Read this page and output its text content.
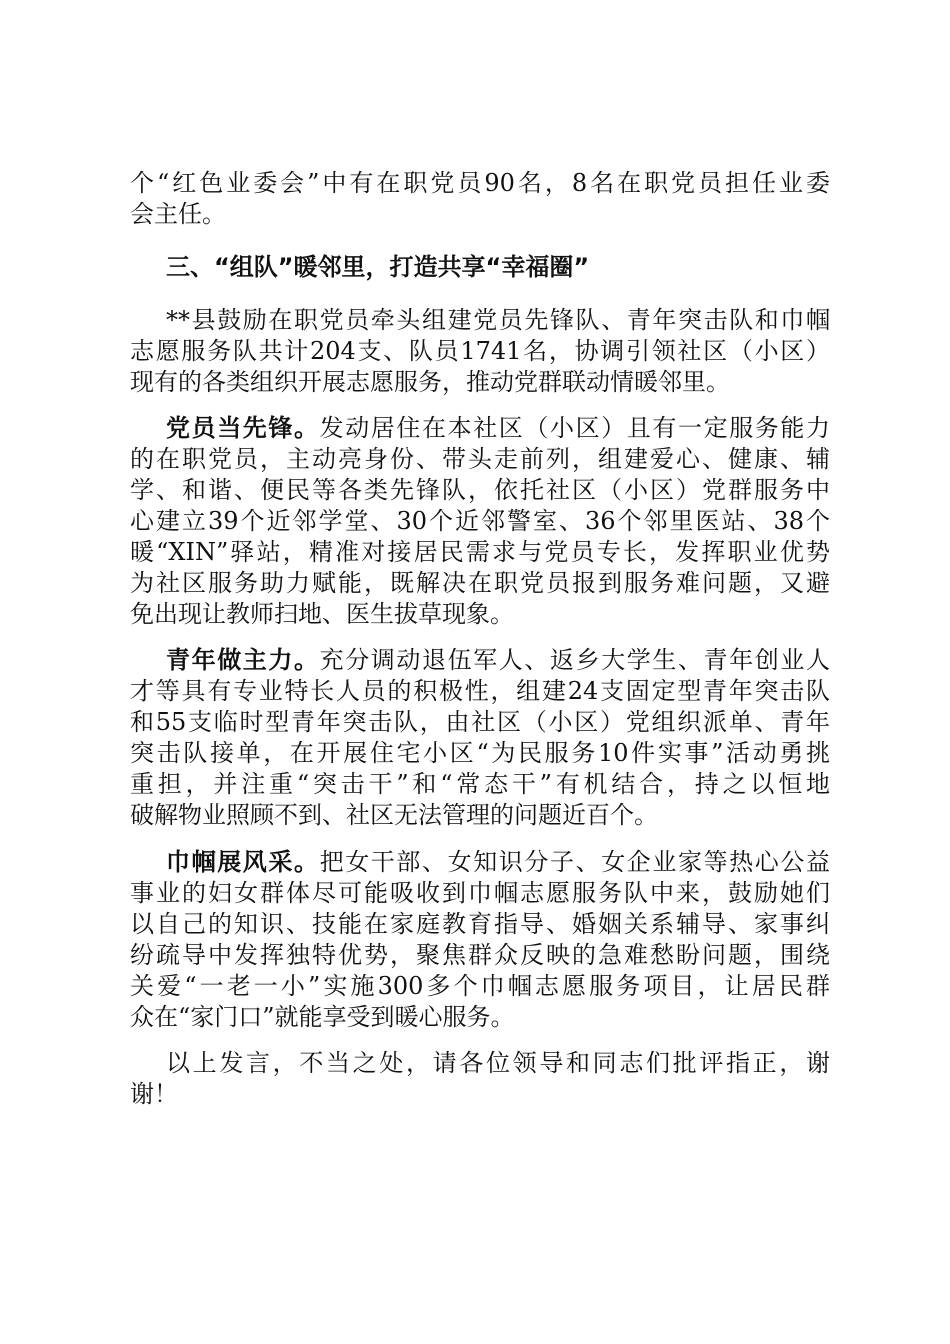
个“红色业委会”中有在职党员90名，8名在职党员担任业委
会主任。
三、“组队”暖邻里，打造共享“幸福圈”
**县鼓励在职党员牵头组建党员先锋队、青年突击队和巾帼
志愿服务队共计204支、队员1741名，协调引领社区（小区）
现有的各类组织开展志愿服务，推动党群联动情暖邻里。
党员当先锋。发动居住在本社区（小区）且有一定服务能力
的在职党员，主动亮身份、带头走前列，组建爱心、健康、辅
学、和谐、便民等各类先锋队，依托社区（小区）党群服务中
心建立39个近邻学堂、30个近邻警室、36个邻里医站、38个
暖“XIN”驿站，精准对接居民需求与党员专长，发挥职业优势
为社区服务助力赋能，既解决在职党员报到服务难问题，又避
免出现让教师扫地、医生拔草现象。
青年做主力。充分调动退伍军人、返乡大学生、青年创业人
才等具有专业特长人员的积极性，组建24支固定型青年突击队
和55支临时型青年突击队，由社区（小区）党组织派单、青年
突击队接单，在开展住宅小区“为民服务10件实事”活动勇挑
重担，并注重“突击干”和“常态干”有机结合，持之以恒地
破解物业照顾不到、社区无法管理的问题近百个。
巾帼展风采。把女干部、女知识分子、女企业家等热心公益
事业的妇女群体尽可能吸收到巾帼志愿服务队中来，鼓励她们
以自己的知识、技能在家庭教育指导、婚姻关系辅导、家事纠
纷疏导中发挥独特优势，聚焦群众反映的急难愁盼问题，围绕
关爱“一老一小”实施300多个巾帼志愿服务项目，让居民群
众在“家门口”就能享受到暖心服务。
以上发言，不当之处，请各位领导和同志们批评指正，谢
谢！
